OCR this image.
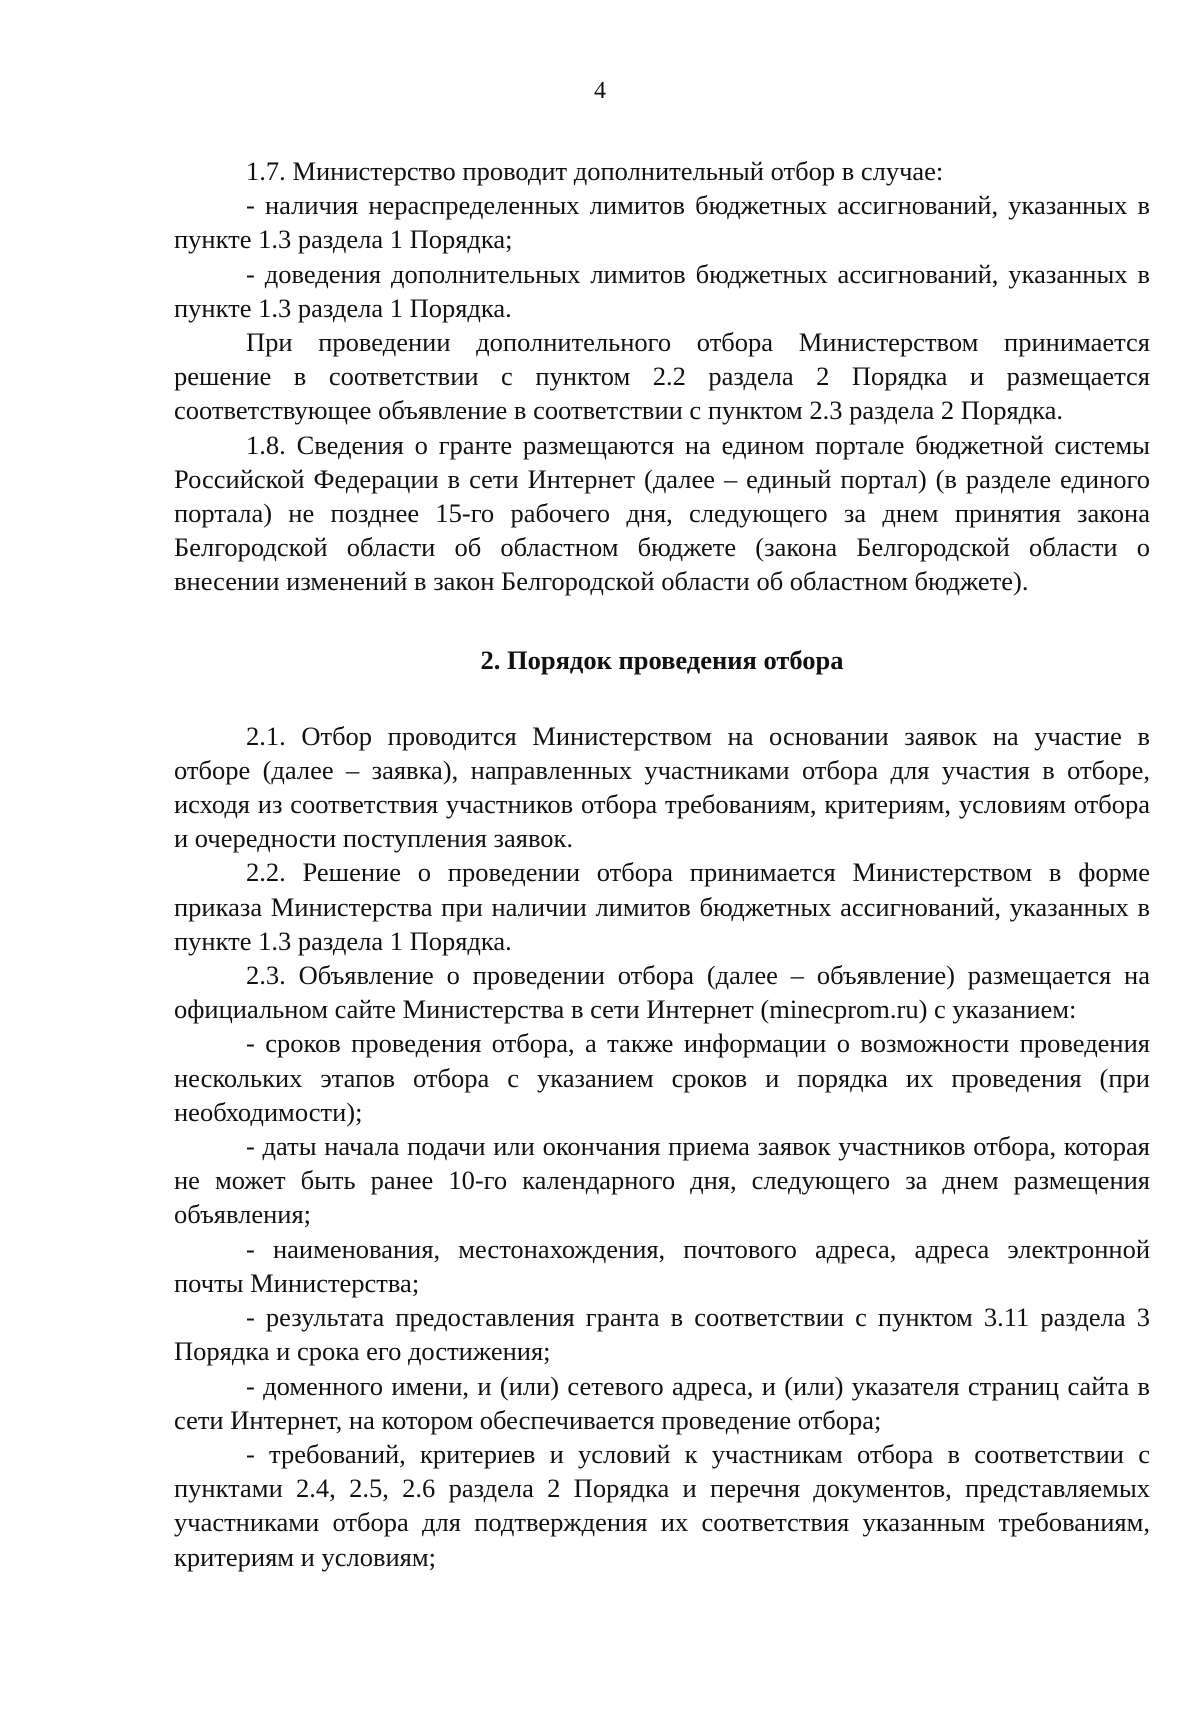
4

1.7. Министерство проводит дополнительный отбор в случае:

- наличия нераспределенных лимитов бюджетных ассигнований, указанных в пункте 1.3 раздела 1 Порядка;

- доведения дополнительных лимитов бюджетных ассигнований, указанных в пункте 1.3 раздела 1 Порядка.

При проведении дополнительного отбора Министерством принимается решение в соответствии с пунктом 2.2 раздела 2 Порядка и размещается соответствующее объявление в соответствии с пунктом 2.3 раздела 2 Порядка.

1.8. Сведения о гранте размещаются на едином портале бюджетной системы Российской Федерации в сети Интернет (далее – единый портал) (в разделе единого портала) не позднее 15-го рабочего дня, следующего за днем принятия закона Белгородской области об областном бюджете (закона Белгородской области о внесении изменений в закон Белгородской области об областном бюджете).

2. Порядок проведения отбора

2.1. Отбор проводится Министерством на основании заявок на участие в отборе (далее – заявка), направленных участниками отбора для участия в отборе, исходя из соответствия участников отбора требованиям, критериям, условиям отбора и очередности поступления заявок.

2.2. Решение о проведении отбора принимается Министерством в форме приказа Министерства при наличии лимитов бюджетных ассигнований, указанных в пункте 1.3 раздела 1 Порядка.

2.3. Объявление о проведении отбора (далее – объявление) размещается на официальном сайте Министерства в сети Интернет (minecprom.ru) с указанием:

- сроков проведения отбора, а также информации о возможности проведения нескольких этапов отбора с указанием сроков и порядка их проведения (при необходимости);

- даты начала подачи или окончания приема заявок участников отбора, которая не может быть ранее 10-го календарного дня, следующего за днем размещения объявления;

- наименования, местонахождения, почтового адреса, адреса электронной почты Министерства;

- результата предоставления гранта в соответствии с пунктом 3.11 раздела 3 Порядка и срока его достижения;

- доменного имени, и (или) сетевого адреса, и (или) указателя страниц сайта в сети Интернет, на котором обеспечивается проведение отбора;

- требований, критериев и условий к участникам отбора в соответствии с пунктами 2.4, 2.5, 2.6 раздела 2 Порядка и перечня документов, представляемых участниками отбора для подтверждения их соответствия указанным требованиям, критериям и условиям;
